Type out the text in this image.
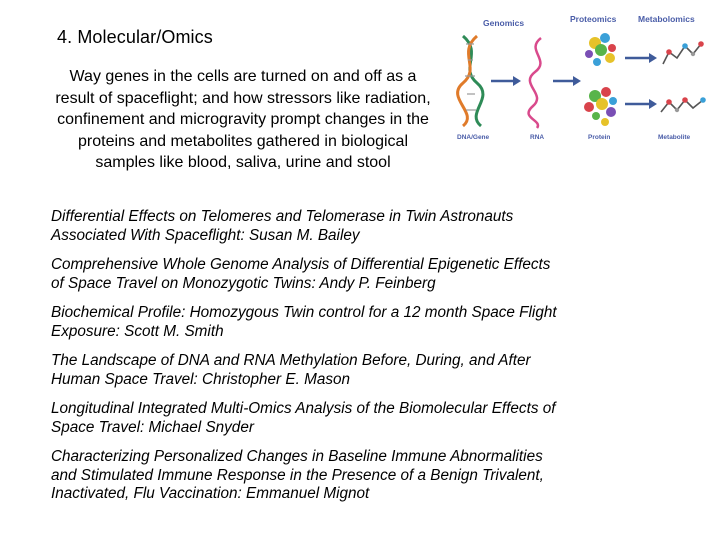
4. Molecular/Omics
Way genes in the cells are turned on and off as a
result of spaceflight; and how stressors like radiation,
confinement and microgravity prompt changes in the
proteins and metabolites gathered in biological
samples like blood, saliva, urine and stool
Genomics	Proteomics	Metabolomics
DNA/Gene	RNA	Protein	Metabolite
Differential Effects on Telomeres and Telomerase in Twin Astronauts
Associated With Spaceflight: Susan M. Bailey
Comprehensive Whole Genome Analysis of Differential Epigenetic Effects
of Space Travel on Monozygotic Twins: Andy P. Feinberg
Biochemical Profile: Homozygous Twin control for a 12 month Space Flight
Exposure: Scott M. Smith
The Landscape of DNA and RNA Methylation Before, During, and After
Human Space Travel: Christopher E. Mason
Longitudinal Integrated Multi-Omics Analysis of the Biomolecular Effects of
Space Travel: Michael Snyder
Characterizing Personalized Changes in Baseline Immune Abnormalities
and Stimulated Immune Response in the Presence of a Benign Trivalent,
Inactivated, Flu Vaccination: Emmanuel Mignot
